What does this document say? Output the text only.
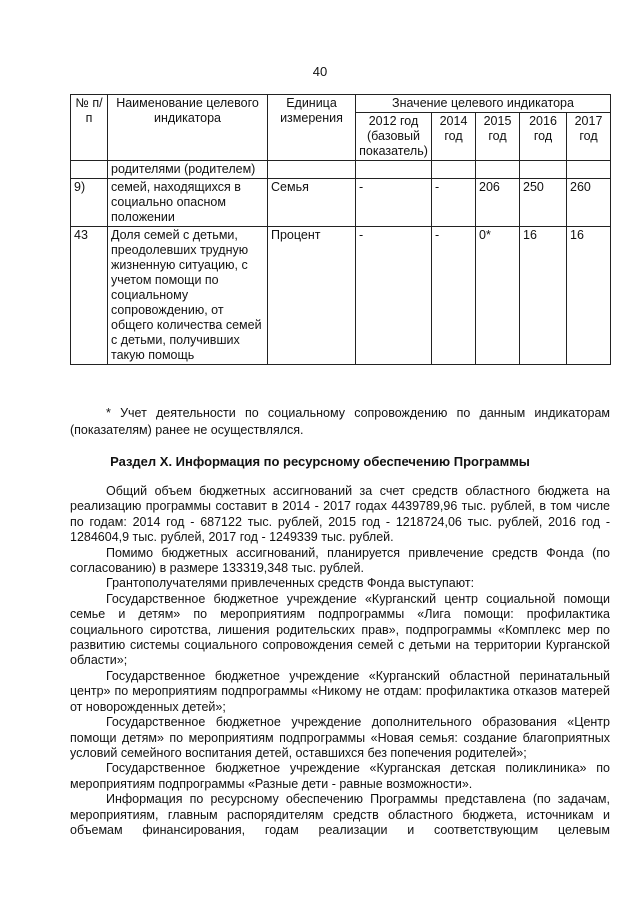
40
№ п/п	Наименование целевого индикатора	Единица измерения	Значение целевого индикатора				
			2012 год (базовый показатель)	2014 год	2015 год	2016 год	2017 год
	родителями (родителем)						
9)	семей, находящихся в социально опасном положении	Семья	-	-	206	250	260
43	Доля семей с детьми, преодолевших трудную жизненную ситуацию, с учетом помощи по социальному сопровождению, от общего количества семей с детьми, получивших такую помощь	Процент	-	-	0*	16	16
* Учет деятельности по социальному сопровождению по данным индикаторам
(показателям) ранее не осуществлялся.
Раздел X. Информация по ресурсному обеспечению Программы

Общий объем бюджетных ассигнований за счет средств областного бюджета на реализацию программы составит в 2014 - 2017 годах 4439789,96 тыс. рублей, в том числе по годам: 2014 год - 687122 тыс. рублей, 2015 год - 1218724,06 тыс. рублей, 2016 год - 1284604,9 тыс. рублей, 2017 год - 1249339 тыс. рублей.

Помимо бюджетных ассигнований, планируется привлечение средств Фонда (по согласованию) в размере 133319,348 тыс. рублей.

Грантополучателями привлеченных средств Фонда выступают:

Государственное бюджетное учреждение «Курганский центр социальной помощи семье и детям» по мероприятиям подпрограммы «Лига помощи: профилактика социального сиротства, лишения родительских прав», подпрограммы «Комплекс мер по развитию системы социального сопровождения семей с детьми на территории Курганской области»;

Государственное бюджетное учреждение «Курганский областной перинатальный центр» по мероприятиям подпрограммы «Никому не отдам: профилактика отказов матерей от новорожденных детей»;

Государственное бюджетное учреждение дополнительного образования «Центр помощи детям» по мероприятиям подпрограммы «Новая семья: создание благоприятных условий семейного воспитания детей, оставшихся без попечения родителей»;

Государственное бюджетное учреждение «Курганская детская поликлиника» по мероприятиям подпрограммы «Разные дети - равные возможности».

Информация по ресурсному обеспечению Программы представлена (по задачам, мероприятиям, главным распорядителям средств областного бюджета, источникам и объемам финансирования, годам реализации и соответствующим целевым
